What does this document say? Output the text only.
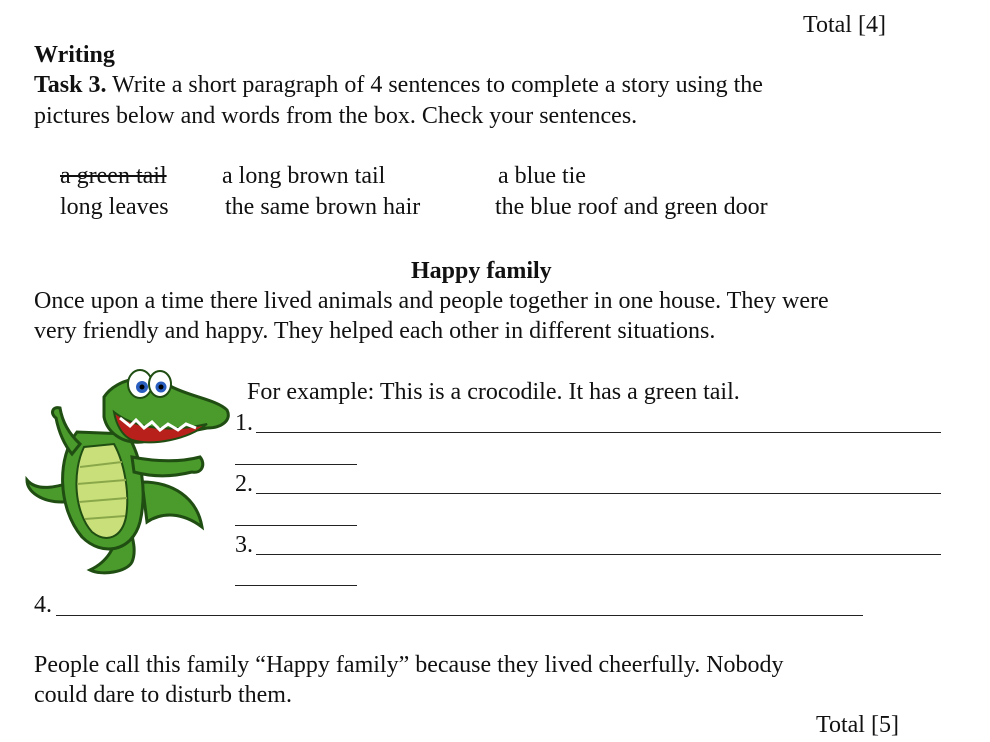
Total [4]
Writing
Task 3. Write a short paragraph of 4 sentences to complete a story using the
pictures below and words from the box. Check your sentences.
a green tail a long brown tail	a blue tie
long leaves the same brown hair	the blue roof and green door
Happy family
Once upon a time there lived animals and people together in one house. They were
very friendly and happy. They helped each other in different situations.
For example: This is a crocodile. It has a green tail.
1.
2.
3.
4.
People call this family “Happy family” because they lived cheerfully. Nobody
could dare to disturb them.
Total [5]
